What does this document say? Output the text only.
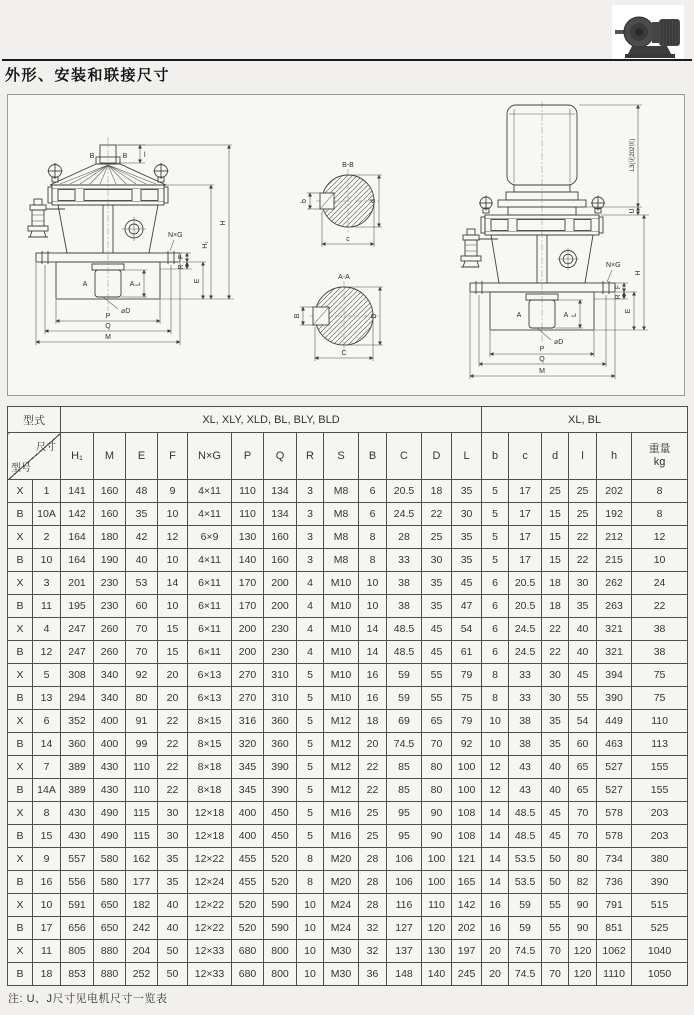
外形、安装和联接尺寸
B	B l
A	A
⌀D
L
F
R
E
N×G
H₁
H
P
Q
M
B-B
b	d
c
A-A
B	D
C
A	A
⌀D
L
F
R
E
N×G
L3(见202页)
U
H
P
Q
M
型式		XL, XLY, XLD, BL, BLY, BLD													XL, BL					

尺寸
型号
	H₁	M	E	F	N×G	P	Q	R	S	B	C	D	L	b	c	d	l	h	
重量
kg

X	1	141	160	48	9	4×11	110	134	3	M8	6	20.5	18	35	5	17	25	25	202	8
B	10A	142	160	35	10	4×11	110	134	3	M8	6	24.5	22	30	5	17	15	25	192	8
X	2	164	180	42	12	6×9	130	160	3	M8	8	28	25	35	5	17	15	22	212	12
B	10	164	190	40	10	4×11	140	160	3	M8	8	33	30	35	5	17	15	22	215	10
X	3	201	230	53	14	6×11	170	200	4	M10	10	38	35	45	6	20.5	18	30	262	24
B	11	195	230	60	10	6×11	170	200	4	M10	10	38	35	47	6	20.5	18	35	263	22
X	4	247	260	70	15	6×11	200	230	4	M10	14	48.5	45	54	6	24.5	22	40	321	38
B	12	247	260	70	15	6×11	200	230	4	M10	14	48.5	45	61	6	24.5	22	40	321	38
X	5	308	340	92	20	6×13	270	310	5	M10	16	59	55	79	8	33	30	45	394	75
B	13	294	340	80	20	6×13	270	310	5	M10	16	59	55	75	8	33	30	55	390	75
X	6	352	400	91	22	8×15	316	360	5	M12	18	69	65	79	10	38	35	54	449	110
B	14	360	400	99	22	8×15	320	360	5	M12	20	74.5	70	92	10	38	35	60	463	113
X	7	389	430	110	22	8×18	345	390	5	M12	22	85	80	100	12	43	40	65	527	155
B	14A	389	430	110	22	8×18	345	390	5	M12	22	85	80	100	12	43	40	65	527	155
X	8	430	490	115	30	12×18	400	450	5	M16	25	95	90	108	14	48.5	45	70	578	203
B	15	430	490	115	30	12×18	400	450	5	M16	25	95	90	108	14	48.5	45	70	578	203
X	9	557	580	162	35	12×22	455	520	8	M20	28	106	100	121	14	53.5	50	80	734	380
B	16	556	580	177	35	12×24	455	520	8	M20	28	106	100	165	14	53.5	50	82	736	390
X	10	591	650	182	40	12×22	520	590	10	M24	28	116	110	142	16	59	55	90	791	515
B	17	656	650	242	40	12×22	520	590	10	M24	32	127	120	202	16	59	55	90	851	525
X	11	805	880	204	50	12×33	680	800	10	M30	32	137	130	197	20	74.5	70	120	1062	1040
B	18	853	880	252	50	12×33	680	800	10	M30	36	148	140	245	20	74.5	70	120	1110	1050
注: U、J尺寸见电机尺寸一览表
